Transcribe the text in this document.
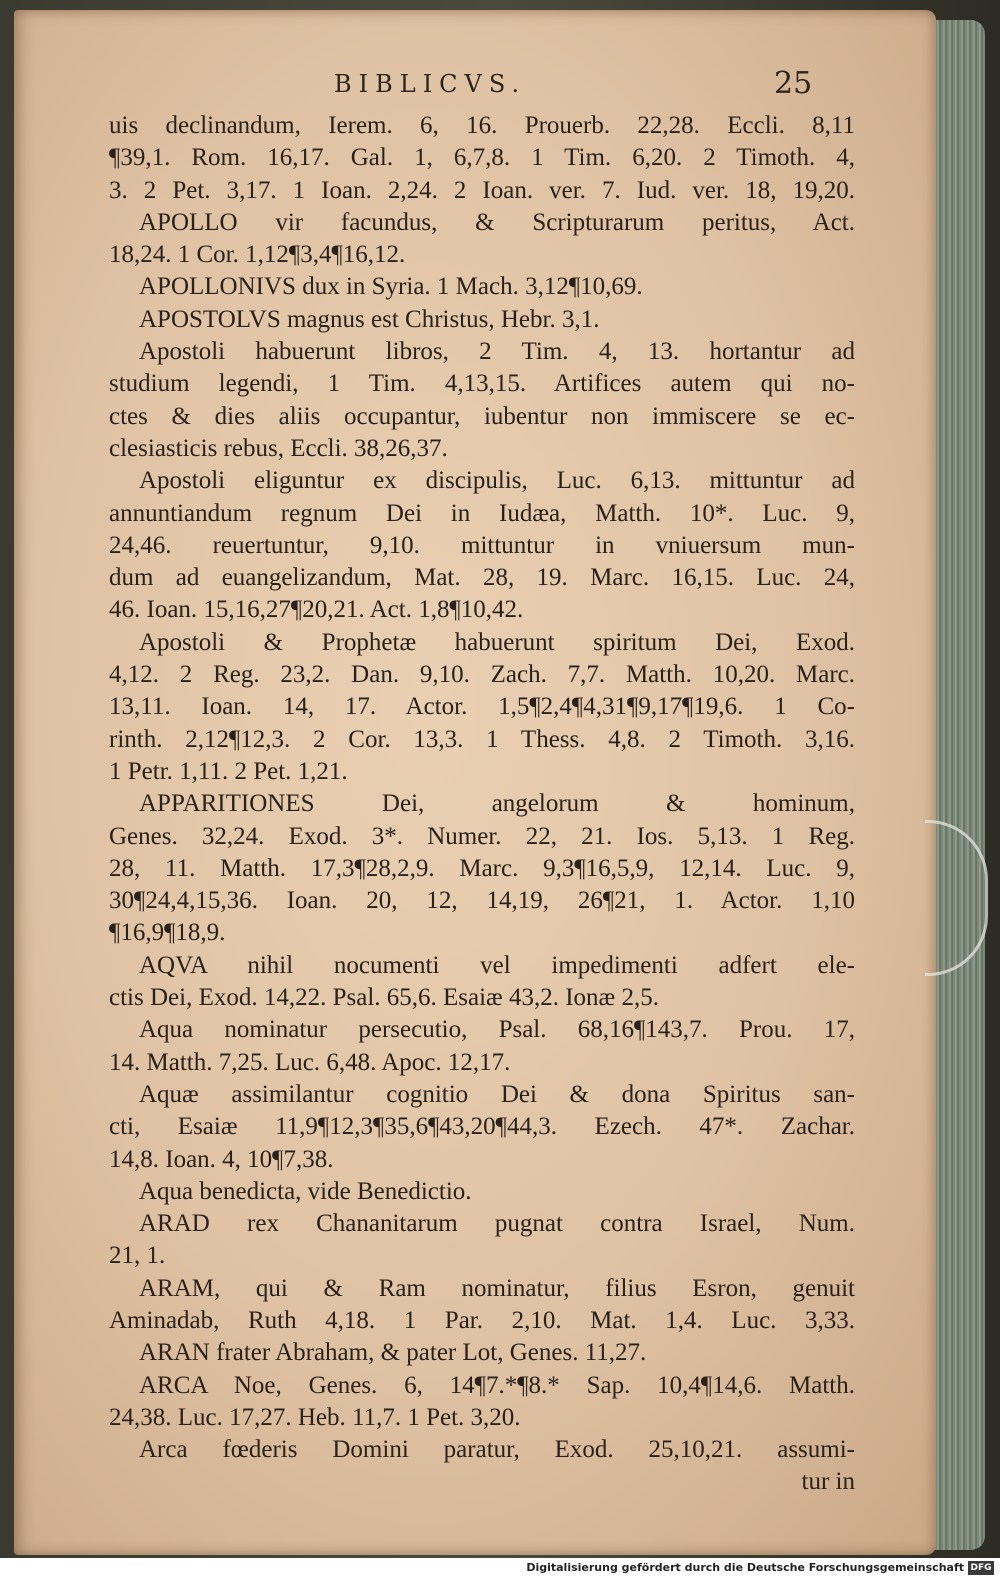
BIBLICVS.	25
uis declinandum, Ierem. 6, 16. Prouerb. 22,28. Eccli. 8,11
¶39,1. Rom. 16,17. Gal. 1, 6,7,8. 1 Tim. 6,20. 2 Timoth. 4,
3. 2 Pet. 3,17. 1 Ioan. 2,24. 2 Ioan. ver. 7. Iud. ver. 18, 19,20.
APOLLO vir facundus, & Scripturarum peritus, Act.
18,24. 1 Cor. 1,12¶3,4¶16,12.
APOLLONIVS dux in Syria. 1 Mach. 3,12¶10,69.
APOSTOLVS magnus est Christus, Hebr. 3,1.
Apostoli habuerunt libros, 2 Tim. 4, 13. hortantur ad
studium legendi, 1 Tim. 4,13,15. Artifices autem qui no-
ctes & dies aliis occupantur, iubentur non immiscere se ec-
clesiasticis rebus, Eccli. 38,26,37.
Apostoli eliguntur ex discipulis, Luc. 6,13. mittuntur ad
annuntiandum regnum Dei in Iudæa, Matth. 10*. Luc. 9,
24,46. reuertuntur, 9,10. mittuntur in vniuersum mun-
dum ad euangelizandum, Mat. 28, 19. Marc. 16,15. Luc. 24,
46. Ioan. 15,16,27¶20,21. Act. 1,8¶10,42.
Apostoli & Prophetæ habuerunt spiritum Dei, Exod.
4,12. 2 Reg. 23,2. Dan. 9,10. Zach. 7,7. Matth. 10,20. Marc.
13,11. Ioan. 14, 17. Actor. 1,5¶2,4¶4,31¶9,17¶19,6. 1 Co-
rinth. 2,12¶12,3. 2 Cor. 13,3. 1 Thess. 4,8. 2 Timoth. 3,16.
1 Petr. 1,11. 2 Pet. 1,21.
APPARITIONES Dei, angelorum & hominum,
Genes. 32,24. Exod. 3*. Numer. 22, 21. Ios. 5,13. 1 Reg.
28, 11. Matth. 17,3¶28,2,9. Marc. 9,3¶16,5,9, 12,14. Luc. 9,
30¶24,4,15,36. Ioan. 20, 12, 14,19, 26¶21, 1. Actor. 1,10
¶16,9¶18,9.
AQVA nihil nocumenti vel impedimenti adfert ele-
ctis Dei, Exod. 14,22. Psal. 65,6. Esaiæ 43,2. Ionæ 2,5.
Aqua nominatur persecutio, Psal. 68,16¶143,7. Prou. 17,
14. Matth. 7,25. Luc. 6,48. Apoc. 12,17.
Aquæ assimilantur cognitio Dei & dona Spiritus san-
cti, Esaiæ 11,9¶12,3¶35,6¶43,20¶44,3. Ezech. 47*. Zachar.
14,8. Ioan. 4, 10¶7,38.
Aqua benedicta, vide Benedictio.
ARAD rex Chananitarum pugnat contra Israel, Num.
21, 1.
ARAM, qui & Ram nominatur, filius Esron, genuit
Aminadab, Ruth 4,18. 1 Par. 2,10. Mat. 1,4. Luc. 3,33.
ARAN frater Abraham, & pater Lot, Genes. 11,27.
ARCA Noe, Genes. 6, 14¶7.*¶8.* Sap. 10,4¶14,6. Matth.
24,38. Luc. 17,27. Heb. 11,7. 1 Pet. 3,20.
Arca fœderis Domini paratur, Exod. 25,10,21. assumi-
tur in
Digitalisierung gefördert durch die Deutsche Forschungsgemeinschaft DFG
